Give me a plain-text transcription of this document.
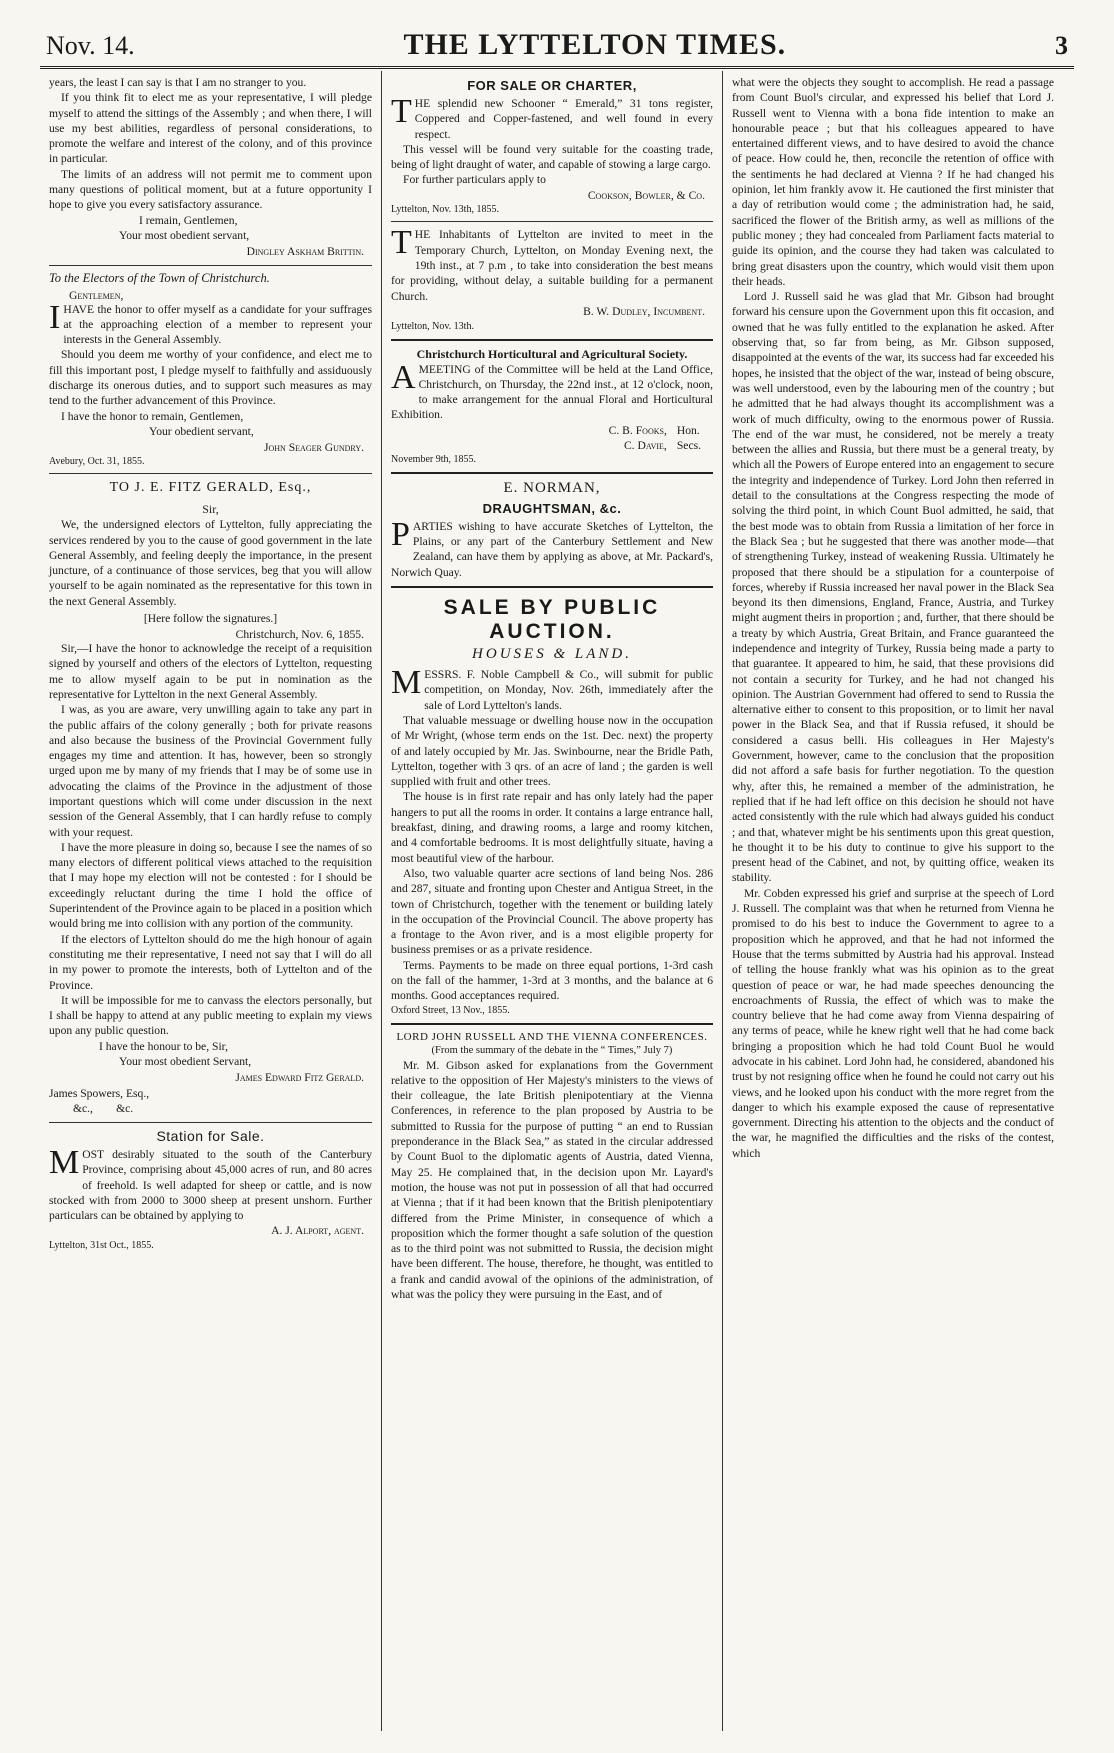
Nov. 14.	THE LYTTELTON TIMES.	3

years, the least I can say is that I am no stranger to you.

If you think fit to elect me as your representative, I will pledge myself to attend the sittings of the Assembly ; and when there, I will use my best abilities, regardless of personal considerations, to promote the welfare and interest of the colony, and of this province in particular.

The limits of an address will not permit me to comment upon many questions of political moment, but at a future opportunity I hope to give you every satisfactory assurance.

I remain, Gentlemen,
Your most obedient servant,
Dingley Askham Brittin.
To the Electors of the Town of Christchurch.
Gentlemen,

IHAVE the honor to offer myself as a candidate for your suffrages at the approaching election of a member to represent your interests in the General Assembly.

Should you deem me worthy of your confidence, and elect me to fill this important post, I pledge myself to faithfully and assiduously discharge its onerous duties, and to support such measures as may tend to the further advancement of this Province.

I have the honor to remain, Gentlemen,

Your obedient servant,
John Seager Gundry.
Avebury, Oct. 31, 1855.
TO J. E. FITZ GERALD, Esq.,
Sir,

We, the undersigned electors of Lyttelton, fully appreciating the services rendered by you to the cause of good government in the late General Assembly, and feeling deeply the importance, in the present juncture, of a continuance of those services, beg that you will allow yourself to be again nominated as the representative for this town in the next General Assembly.

[Here follow the signatures.]
Christchurch, Nov. 6, 1855.

Sir,—I have the honor to acknowledge the receipt of a requisition signed by yourself and others of the electors of Lyttelton, requesting me to allow myself again to be put in nomination as the representative for Lyttelton in the next General Assembly.

I was, as you are aware, very unwilling again to take any part in the public affairs of the colony generally ; both for private reasons and also because the business of the Provincial Government fully engages my time and attention. It has, however, been so strongly urged upon me by many of my friends that I may be of some use in advocating the claims of the Province in the adjustment of those important questions which will come under discussion in the next session of the General Assembly, that I can hardly refuse to comply with your request.

I have the more pleasure in doing so, because I see the names of so many electors of different political views attached to the requisition that I may hope my election will not be contested : for I should be exceedingly reluctant during the time I hold the office of Superintendent of the Province again to be placed in a position which would bring me into collision with any portion of the community.

If the electors of Lyttelton should do me the high honour of again constituting me their representative, I need not say that I will do all in my power to promote the interests, both of Lyttelton and of the Province.

It will be impossible for me to canvass the electors personally, but I shall be happy to attend at any public meeting to explain my views upon any public question.

I have the honour to be, Sir,
Your most obedient Servant,
James Edward Fitz Gerald.
James Spowers, Esq.,
&c.,        &c.
Station for Sale.

MOST desirably situated to the south of the Canterbury Province, comprising about 45,000 acres of run, and 80 acres of freehold. Is well adapted for sheep or cattle, and is now stocked with from 2000 to 3000 sheep at present unshorn. Further particulars can be obtained by applying to

A. J. Alport, agent.
Lyttelton, 31st Oct., 1855.
FOR SALE OR CHARTER,

THE splendid new Schooner “ Emerald,” 31 tons register, Coppered and Copper-fastened, and well found in every respect.

This vessel will be found very suitable for the coasting trade, being of light draught of water, and capable of stowing a large cargo.

For further particulars apply to

Cookson, Bowler, & Co.
Lyttelton, Nov. 13th, 1855.

THE Inhabitants of Lyttelton are invited to meet in the Temporary Church, Lyttelton, on Monday Evening next, the 19th inst., at 7 p.m , to take into consideration the best means for providing, without delay, a suitable building for a permanent Church.

B. W. Dudley, Incumbent.
Lyttelton, Nov. 13th.
Christchurch Horticultural and Agricultural Society.

AMEETING of the Committee will be held at the Land Office, Christchurch, on Thursday, the 22nd inst., at 12 o'clock, noon, to make arrangement for the annual Floral and Horticultural Exhibition.

C. B. Fooks,
C. Davie,
Hon.
Secs.
November 9th, 1855.
E. NORMAN,
DRAUGHTSMAN, &c.

PARTIES wishing to have accurate Sketches of Lyttelton, the Plains, or any part of the Canterbury Settlement and New Zealand, can have them by applying as above, at Mr. Packard's, Norwich Quay.

SALE BY PUBLIC AUCTION.
HOUSES & LAND.

MESSRS. F. Noble Campbell & Co., will submit for public competition, on Monday, Nov. 26th, immediately after the sale of Lord Lyttelton's lands.

That valuable messuage or dwelling house now in the occupation of Mr Wright, (whose term ends on the 1st. Dec. next) the property of and lately occupied by Mr. Jas. Swinbourne, near the Bridle Path, Lyttelton, together with 3 qrs. of an acre of land ; the garden is well supplied with fruit and other trees.

The house is in first rate repair and has only lately had the paper hangers to put all the rooms in order. It contains a large entrance hall, breakfast, dining, and drawing rooms, a large and roomy kitchen, and 4 comfortable bedrooms. It is most delightfully situate, having a most beautiful view of the harbour.

Also, two valuable quarter acre sections of land being Nos. 286 and 287, situate and fronting upon Chester and Antigua Street, in the town of Christchurch, together with the tenement or building lately in the occupation of the Provincial Council. The above property has a frontage to the Avon river, and is a most eligible property for business premises or as a private residence.

Terms. Payments to be made on three equal portions, 1-3rd cash on the fall of the hammer, 1-3rd at 3 months, and the balance at 6 months. Good acceptances required.

Oxford Street, 13 Nov., 1855.
LORD JOHN RUSSELL AND THE VIENNA CONFERENCES.
(From the summary of the debate in the “ Times,” July 7)

Mr. M. Gibson asked for explanations from the Government relative to the opposition of Her Majesty's ministers to the views of their colleague, the late British plenipotentiary at the Vienna Conferences, in reference to the plan proposed by Austria to be submitted to Russia for the purpose of putting “ an end to Russian preponderance in the Black Sea,” as stated in the circular addressed by Count Buol to the diplomatic agents of Austria, dated Vienna, May 25. He complained that, in the decision upon Mr. Layard's motion, the house was not put in possession of all that had occurred at Vienna ; that if it had been known that the British plenipotentiary differed from the Prime Minister, in consequence of which a proposition which the former thought a safe solution of the question as to the third point was not submitted to Russia, the decision might have been different. The house, therefore, he thought, was entitled to a frank and candid avowal of the opinions of the administration, of what was the policy they were pursuing in the East, and of

what were the objects they sought to accomplish. He read a passage from Count Buol's circular, and expressed his belief that Lord J. Russell went to Vienna with a bona fide intention to make an honourable peace ; but that his colleagues appeared to have entertained different views, and to have desired to avoid the chance of peace. How could he, then, reconcile the retention of office with the sentiments he had declared at Vienna ? If he had changed his opinion, let him frankly avow it. He cautioned the first minister that a day of retribution would come ; the administration had, he said, sacrificed the flower of the British army, as well as millions of the public money ; they had concealed from Parliament facts material to guide its opinion, and the course they had taken was calculated to bring great disasters upon the country, which would visit them upon their heads.

Lord J. Russell said he was glad that Mr. Gibson had brought forward his censure upon the Government upon this fit occasion, and owned that he was fully entitled to the explanation he asked. After observing that, so far from being, as Mr. Gibson supposed, disappointed at the events of the war, its success had far exceeded his hopes, he insisted that the object of the war, instead of being obscure, was well understood, even by the labouring men of the country ; but he admitted that he had always thought its accomplishment was a work of much difficulty, owing to the enormous power of Russia. The end of the war must, he considered, not be merely a treaty between the allies and Russia, but there must be a general treaty, by which all the Powers of Europe entered into an engagement to secure the integrity and independence of Turkey. Lord John then referred in detail to the consultations at the Congress respecting the mode of solving the third point, in which Count Buol admitted, he said, that the best mode was to obtain from Russia a limitation of her force in the Black Sea ; but he suggested that there was another mode—that of strengthening Turkey, instead of weakening Russia. Ultimately he proposed that there should be a stipulation for a counterpoise of forces, whereby if Russia increased her naval power in the Black Sea beyond its then dimensions, England, France, Austria, and Turkey might augment theirs in proportion ; and, further, that there should be a treaty by which Austria, Great Britain, and France guaranteed the independence and integrity of Turkey, Russia being made a party to that guarantee. It appeared to him, he said, that these provisions did not contain a security for Turkey, and he had not changed his opinion. The Austrian Government had offered to send to Russia the alternative either to consent to this proposition, or to limit her naval power in the Black Sea, and that if Russia refused, it should be considered a casus belli. His colleagues in Her Majesty's Government, however, came to the conclusion that the proposition did not afford a safe basis for further negotiation. To the question why, after this, he remained a member of the administration, he replied that if he had left office on this decision he should not have acted consistently with the rule which had always guided his conduct ; and that, whatever might be his sentiments upon this great question, he thought it to be his duty to continue to give his support to the present head of the Cabinet, and not, by quitting office, weaken its stability.

Mr. Cobden expressed his grief and surprise at the speech of Lord J. Russell. The complaint was that when he returned from Vienna he promised to do his best to induce the Government to agree to a proposition which he approved, and that he had not informed the House that the terms submitted by Austria had his approval. Instead of telling the house frankly what was his opinion as to the great question of peace or war, he had made speeches denouncing the encroachments of Russia, the effect of which was to make the country believe that he had come away from Vienna despairing of any terms of peace, while he knew right well that he had come back bringing a proposition which he had told Count Buol he would advocate in his cabinet. Lord John had, he considered, abandoned his trust by not resigning office when he found he could not carry out his views, and he looked upon his conduct with the more regret from the danger to which his example exposed the cause of representative government. Directing his attention to the objects and the conduct of the war, he magnified the difficulties and the risks of the contest, which
